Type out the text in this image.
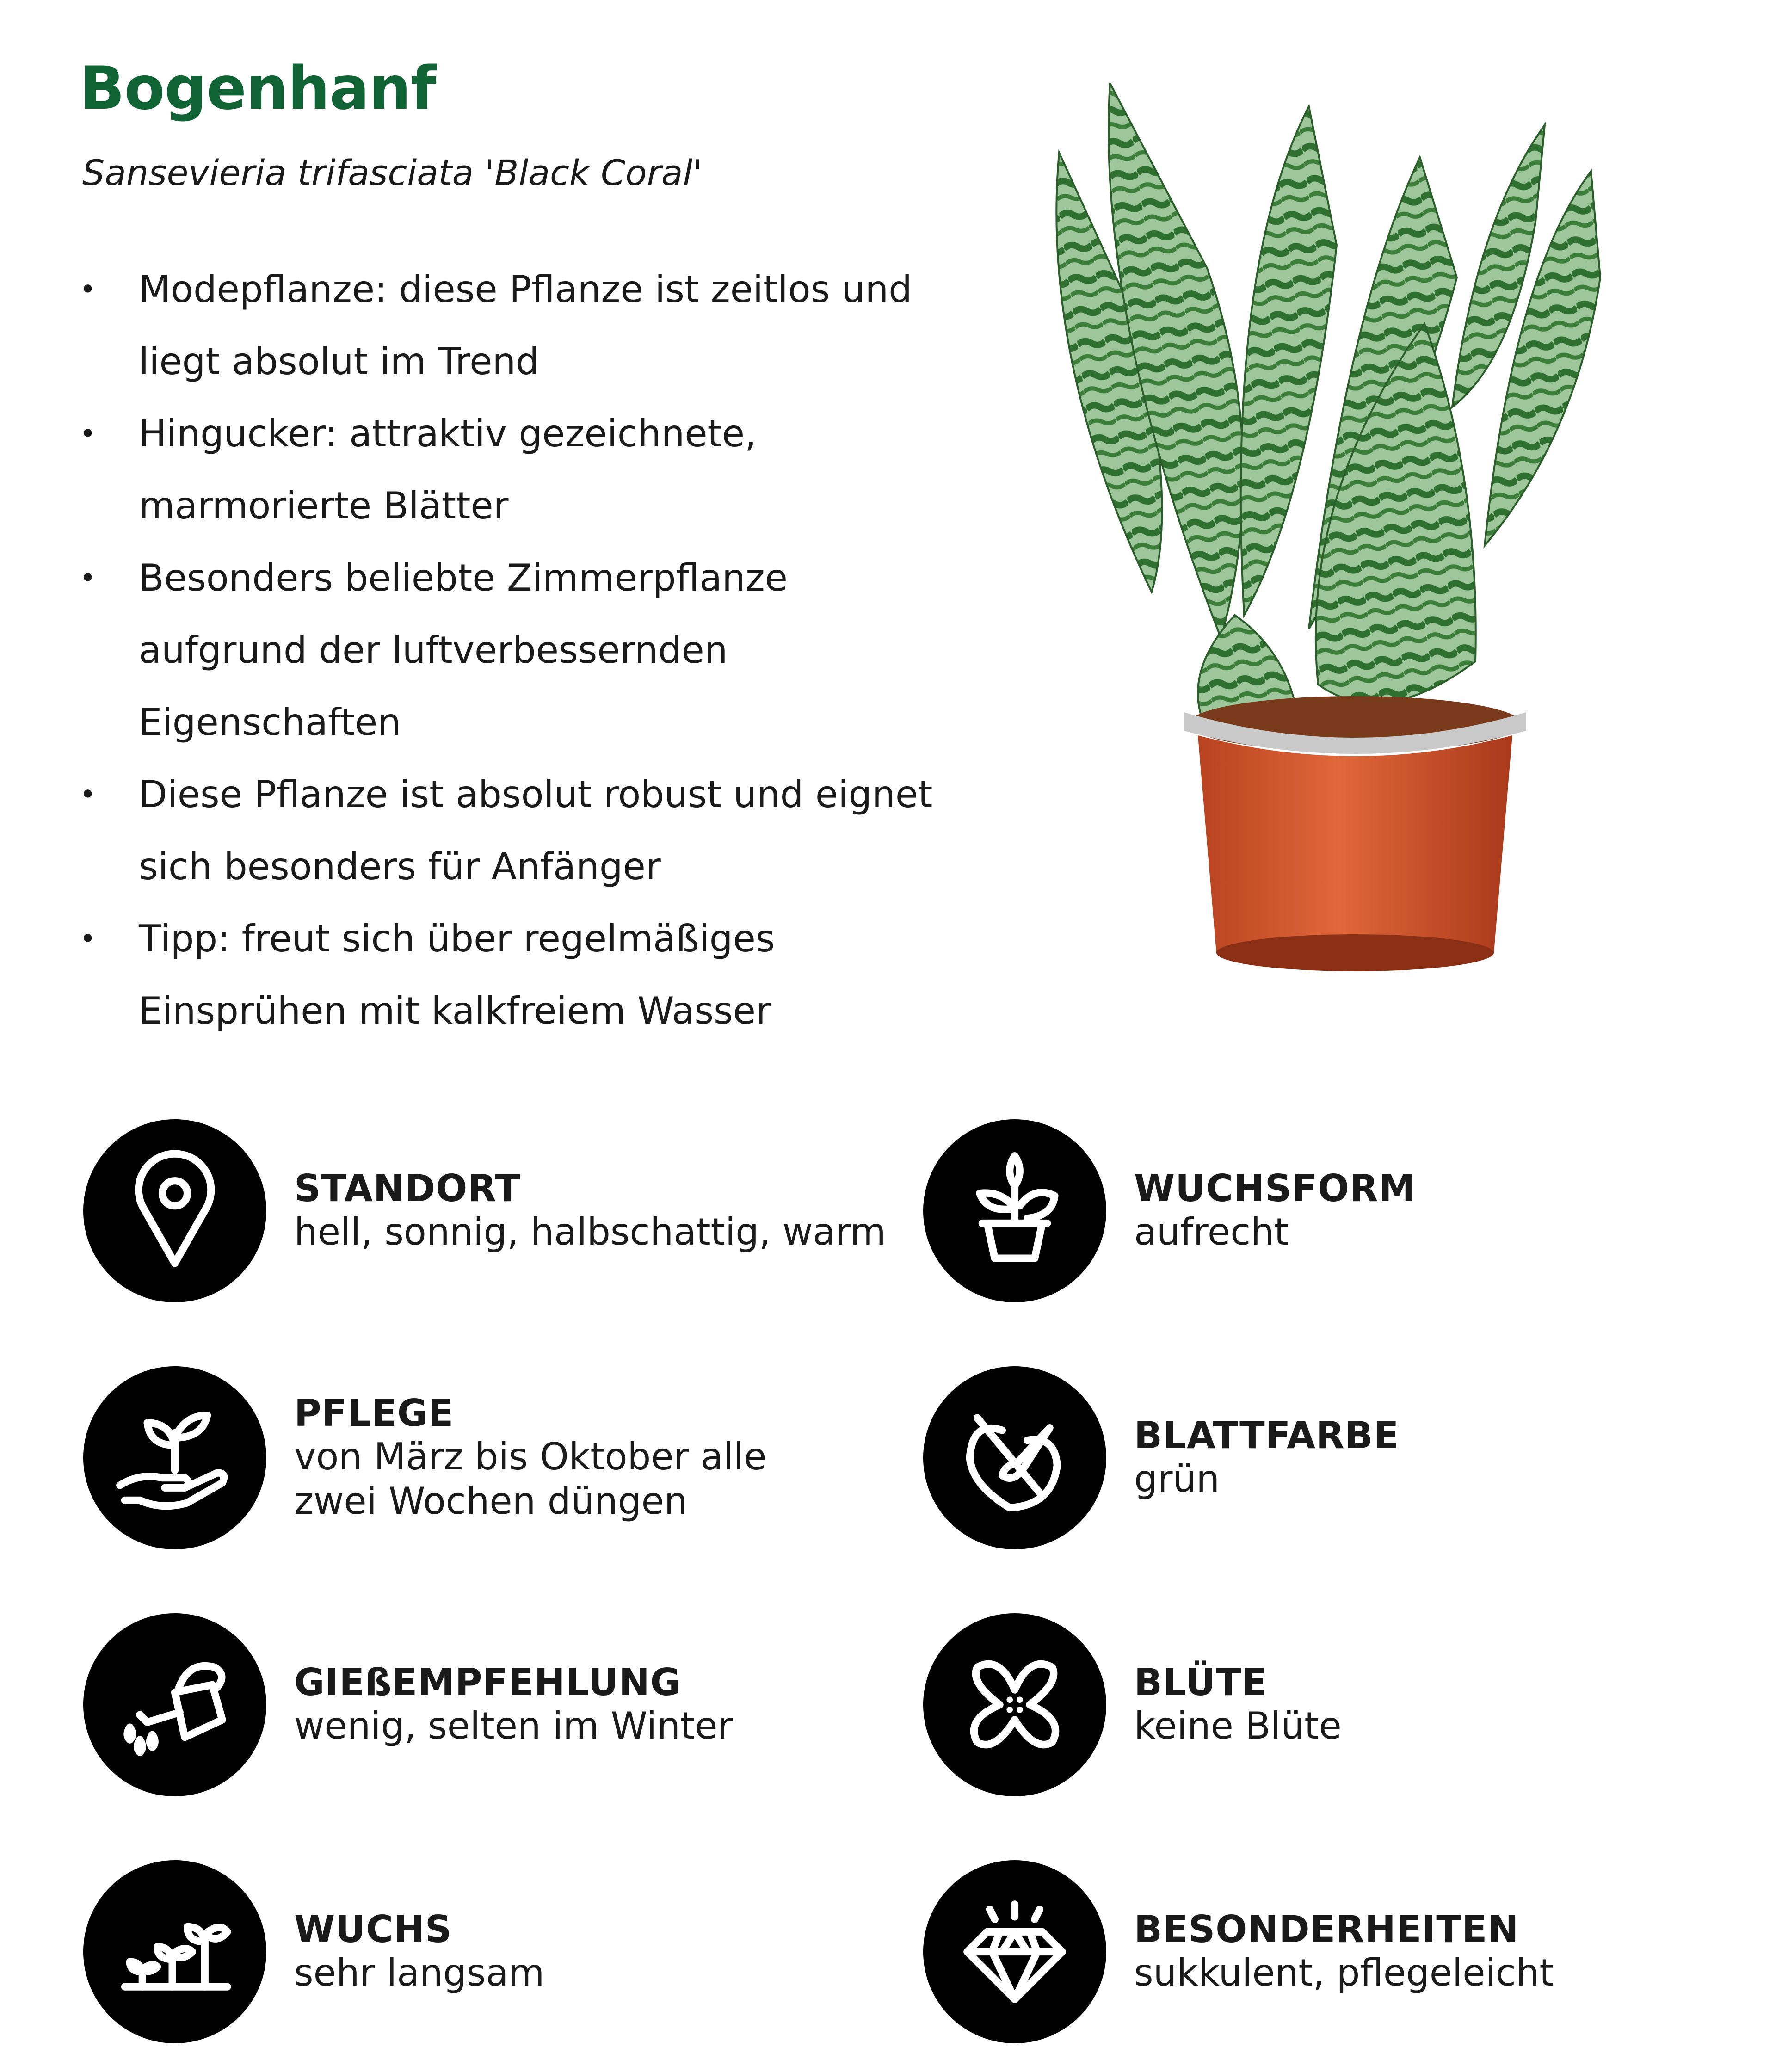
Bogenhanf
Sansevieria trifasciata 'Black Coral'
• Modepflanze: diese Pflanze ist zeitlos und liegt absolut im Trend
• Hingucker: attraktiv gezeichnete, marmorierte Blätter
• Besonders beliebte Zimmerpflanze aufgrund der luftverbessernden Eigenschaften
• Diese Pflanze ist absolut robust und eignet sich besonders für Anfänger
• Tipp: freut sich über regelmäßiges Einsprühen mit kalkfreiem Wasser
STANDORT
hell, sonnig, halbschattig, warm
PFLEGE
von März bis Oktober alle zwei Wochen düngen
GIEßEMPFEHLUNG
wenig, selten im Winter
WUCHS
sehr langsam
WUCHSFORM
aufrecht
BLATTFARBE
grün
BLÜTE
keine Blüte
BESONDERHEITEN
sukkulent, pflegeleicht
